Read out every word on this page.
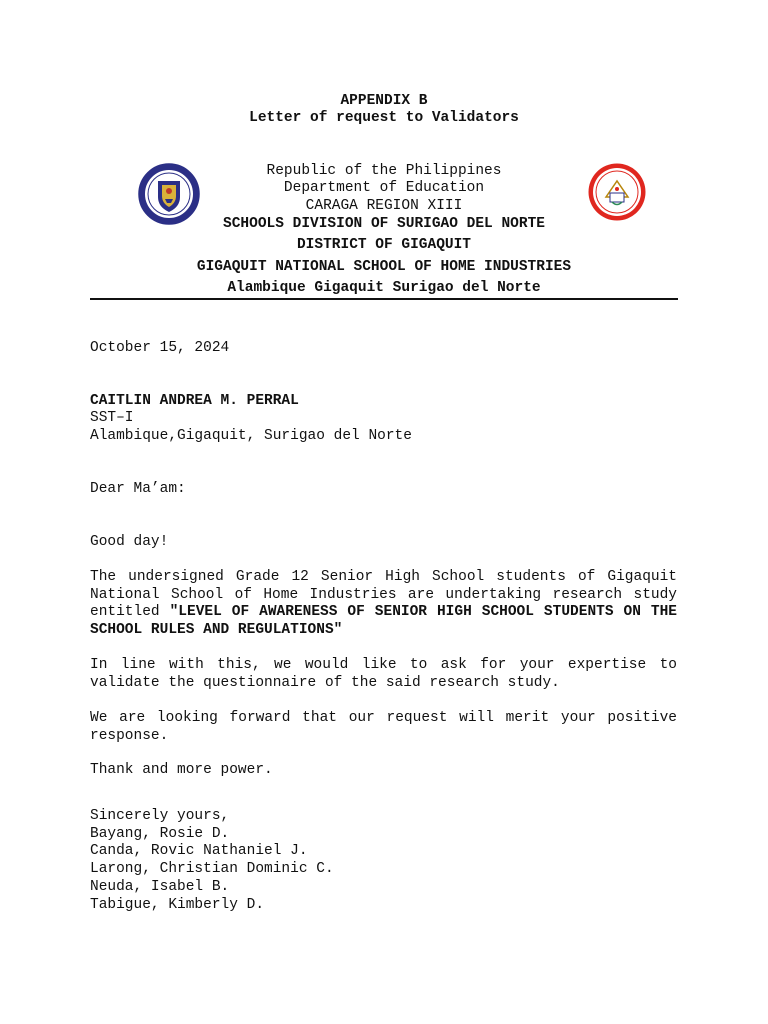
APPENDIX B
Letter of request to Validators
Republic of the Philippines
Department of Education
CARAGA REGION XIII
SCHOOLS DIVISION OF SURIGAO DEL NORTE
DISTRICT OF GIGAQUIT
GIGAQUIT NATIONAL SCHOOL OF HOME INDUSTRIES
Alambique Gigaquit Surigao del Norte
October 15, 2024
CAITLIN ANDREA M. PERRAL
SST–I
Alambique,Gigaquit, Surigao del Norte
Dear Ma’am:
Good day!
The undersigned Grade 12 Senior High School students of Gigaquit National School of Home Industries are undertaking research study entitled "LEVEL OF AWARENESS OF SENIOR HIGH SCHOOL STUDENTS ON THE SCHOOL RULES AND REGULATIONS"
In line with this, we would like to ask for your expertise to validate the questionnaire of the said research study.
We are looking forward that our request will merit your positive response.
Thank and more power.
Sincerely yours,
Bayang, Rosie D.
Canda, Rovic Nathaniel J.
Larong, Christian Dominic C.
Neuda, Isabel B.
Tabigue, Kimberly D.
